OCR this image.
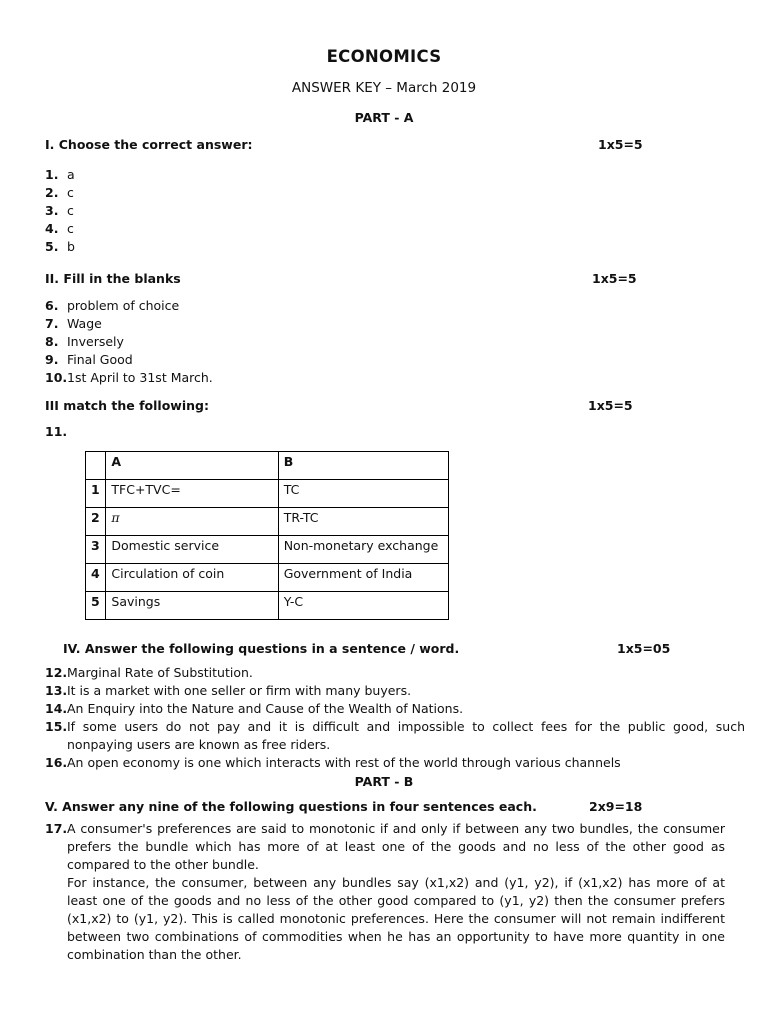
ECONOMICS
ANSWER KEY – March 2019
PART - A
I. Choose the correct answer:	1x5=5
1. a
2. c
3. c
4. c
5. b
II. Fill in the blanks	1x5=5
6. problem of choice
7. Wage
8. Inversely
9. Final Good
10.1st April to 31st March.
III match the following:	1x5=5
11.
	A	B
1	TFC+TVC=	TC
2	π	TR-TC
3	Domestic service	Non-monetary exchange
4	Circulation of coin	Government of India
5	Savings	Y-C
IV. Answer the following questions in a sentence / word.	1x5=05
12.Marginal Rate of Substitution.
13.It is a market with one seller or firm with many buyers.
14.An Enquiry into the Nature and Cause of the Wealth of Nations.
15.If some users do not pay and it is difficult and impossible to collect fees for the public good, such nonpaying users are known as free riders.
16.An open economy is one which interacts with rest of the world through various channels
PART - B
V. Answer any nine of the following questions in four sentences each.	2x9=18
17.A consumer's preferences are said to monotonic if and only if between any two bundles, the consumer prefers the bundle which has more of at least one of the goods and no less of the other good as compared to the other bundle.
For instance, the consumer, between any bundles say (x1,x2) and (y1, y2), if (x1,x2) has more of at least one of the goods and no less of the other good compared to (y1, y2) then the consumer prefers (x1,x2) to (y1, y2). This is called monotonic preferences. Here the consumer will not remain indifferent between two combinations of commodities when he has an opportunity to have more quantity in one combination than the other.
